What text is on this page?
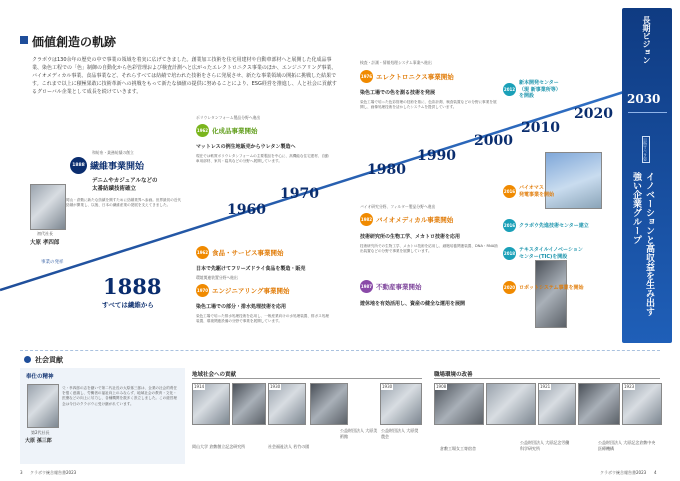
価値創造の軌跡
クラボウは130余年の歴史の中で事業の領域を着実に広げてきました。創業加工技術を住宅用建材や自動車部材へと展開した化成品事業、染色工程での「色」制御の自動化から色彩管理および検査計測へと広がったエレクトロニクス事業のほか、エンジニアリング事業、バイオメディカル事業、食品事業など、それらすべては紡績で培われた技術をさらに発展させ、新たな事業領域の開拓に挑戦した結果です。これまで以上に積極果敢に技術革新への挑戦をもって新たな価値の提供に努めることにより、ESG経営を推進し、人と社会に貢献するグローバル企業として成長を続けていきます。
1960
1970
1980
1990
2000
2010
2020
和紡糸・業務紡績の創立
1888 繊維事業開始
デニムやカジュアルなどの
太番紡績技術確立
岡山・倉敷に新たな紡績を興すために紡績業界へ参画。世界最初の近代紡績が開業し、以後、日本の繊維産業の発展を支えてきました。
初代社長
大原 孝四郎
事業の発祥
1888
すべては繊維から
ポリウレタンフォーム製品分野へ進出
1962 化成品事業開始
マットレスの例生地販売からウレタン製造へ
現在では軟質ポリウレタンフォームの主要製品を中心に、高機能な住宅建材、自動車用部材、家具・寝具などの分野へ展開しています。
1962 食品・サービス事業開始
日本で先駆けてフリーズドライ食品を製造・販売
環境関連装置分野へ進出
1970 エンジニアリング事業開始
染色工場での部分・排水処理技術を応用
染色工場で培った排水処理技術を応用し、一般産業向けの水処理装置、排ガス処理装置、環境関連設備の分野で事業を展開しています。
検査・計測・情報処理システム事業へ進出
1976 エレクトロニクス事業開始
染色工場での色を測る技術を発展
染色工場で培った色彩管理の技術を基に、色彩計測、検査装置などの分野に事業を展開し、画像処理技術を活かしたシステムを提供しています。
バイオ研究分野、フィルター製品分野へ進出
1982 バイオメディカル事業開始
技術研究所の生物工学、メカトロ技術を応用
技術研究所での生物工学、メカトロ技術を応用し、細胞培養関連装置、DNA・RNA抽出装置などの分野で事業を展開しています。
1987 不動産事業開始
遊休地を有効活用し、資産の健全な運用を展開
2012
新本開発センター
（現 新事業所等）
を開設
2016
バイオマス
発電事業を開始
2016 クラボウ先進技術センター建立
2018
テキスタイルイノベーション
センター(TIC)を開設
2020 ロボットシステム事業を開始
長期ビジョン
2030
目指すべき姿
イノベーションと高収益を生み出す
強い企業グループ
社会貢献
奉仕の精神
第2代社長
大原 孫三郎
父・孝四郎の志を継いで第二代社長の大原孫三郎は、企業の社会的責任を強く意識し、労働者の福祉向上のみならず、地域社会の教育・文化・医療などの向上に尽力し、各種機関を数多く設立しました。この経営理念は今日のクラボウに受け継がれています。
地域社会への貢献
1914	1930	1930
岡山大学 倉敷創立記念研究所	社会福祉法人 若竹の園
公益財団法人 大原美術館
公益財団法人 大原奨農会
職場環境の改善
1908	1921	1923
倉敷工場女工寄宿舎
公益財団法人 大原記念労働科学研究所
公益財団法人 大原記念倉敷中央医療機構
3 クラボウ統合報告書2023	クラボウ統合報告書2023 4
